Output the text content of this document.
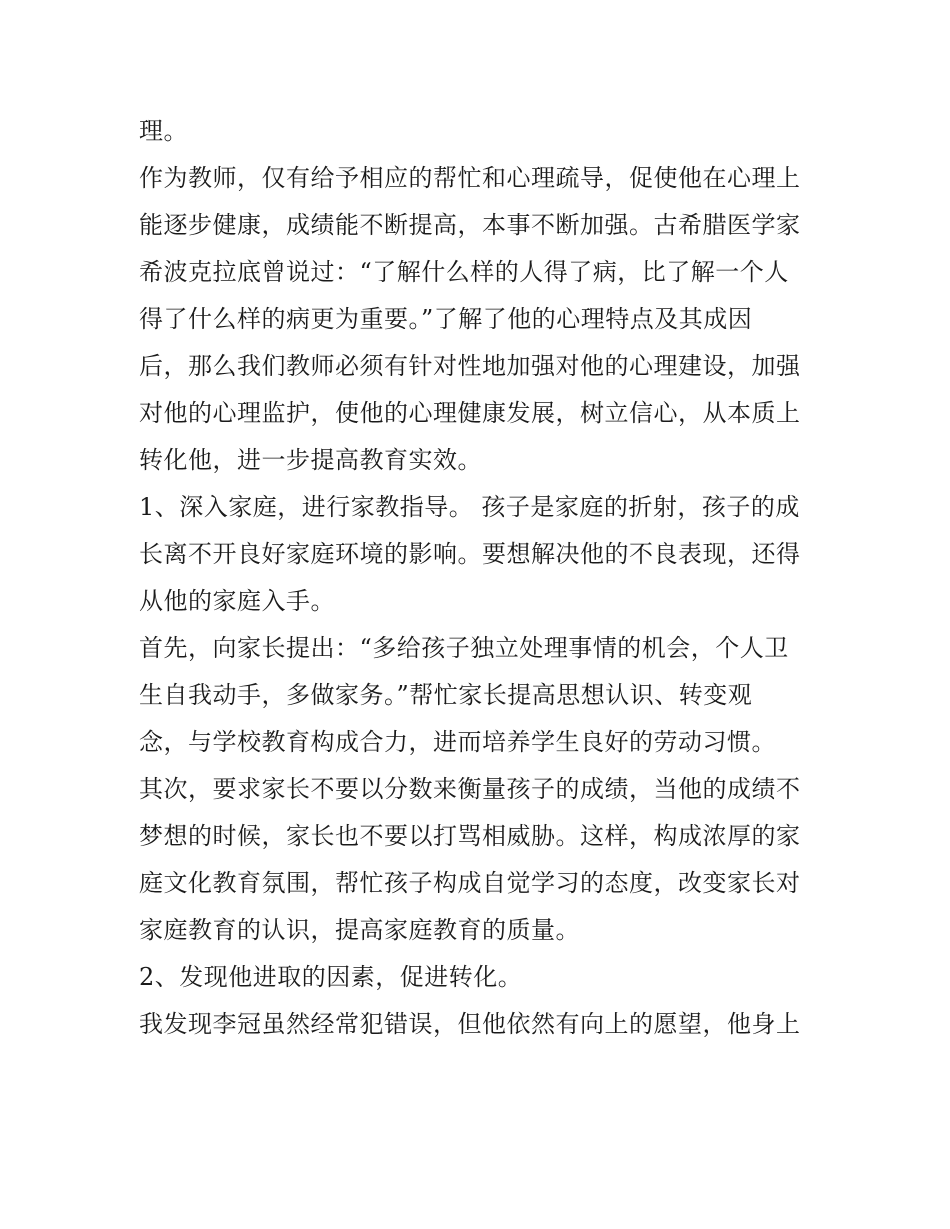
理。
作为教师，仅有给予相应的帮忙和心理疏导，促使他在心理上
能逐步健康，成绩能不断提高，本事不断加强。古希腊医学家
希波克拉底曾说过：“了解什么样的人得了病，比了解一个人
得了什么样的病更为重要。”了解了他的心理特点及其成因
后，那么我们教师必须有针对性地加强对他的心理建设，加强
对他的心理监护，使他的心理健康发展，树立信心，从本质上
转化他，进一步提高教育实效。
1、深入家庭，进行家教指导。 孩子是家庭的折射，孩子的成
长离不开良好家庭环境的影响。要想解决他的不良表现，还得
从他的家庭入手。
首先，向家长提出：“多给孩子独立处理事情的机会，个人卫
生自我动手，多做家务。”帮忙家长提高思想认识、转变观
念，与学校教育构成合力，进而培养学生良好的劳动习惯。
其次，要求家长不要以分数来衡量孩子的成绩，当他的成绩不
梦想的时候，家长也不要以打骂相威胁。这样，构成浓厚的家
庭文化教育氛围，帮忙孩子构成自觉学习的态度，改变家长对
家庭教育的认识，提高家庭教育的质量。
2、发现他进取的因素，促进转化。
我发现李冠虽然经常犯错误，但他依然有向上的愿望，他身上
